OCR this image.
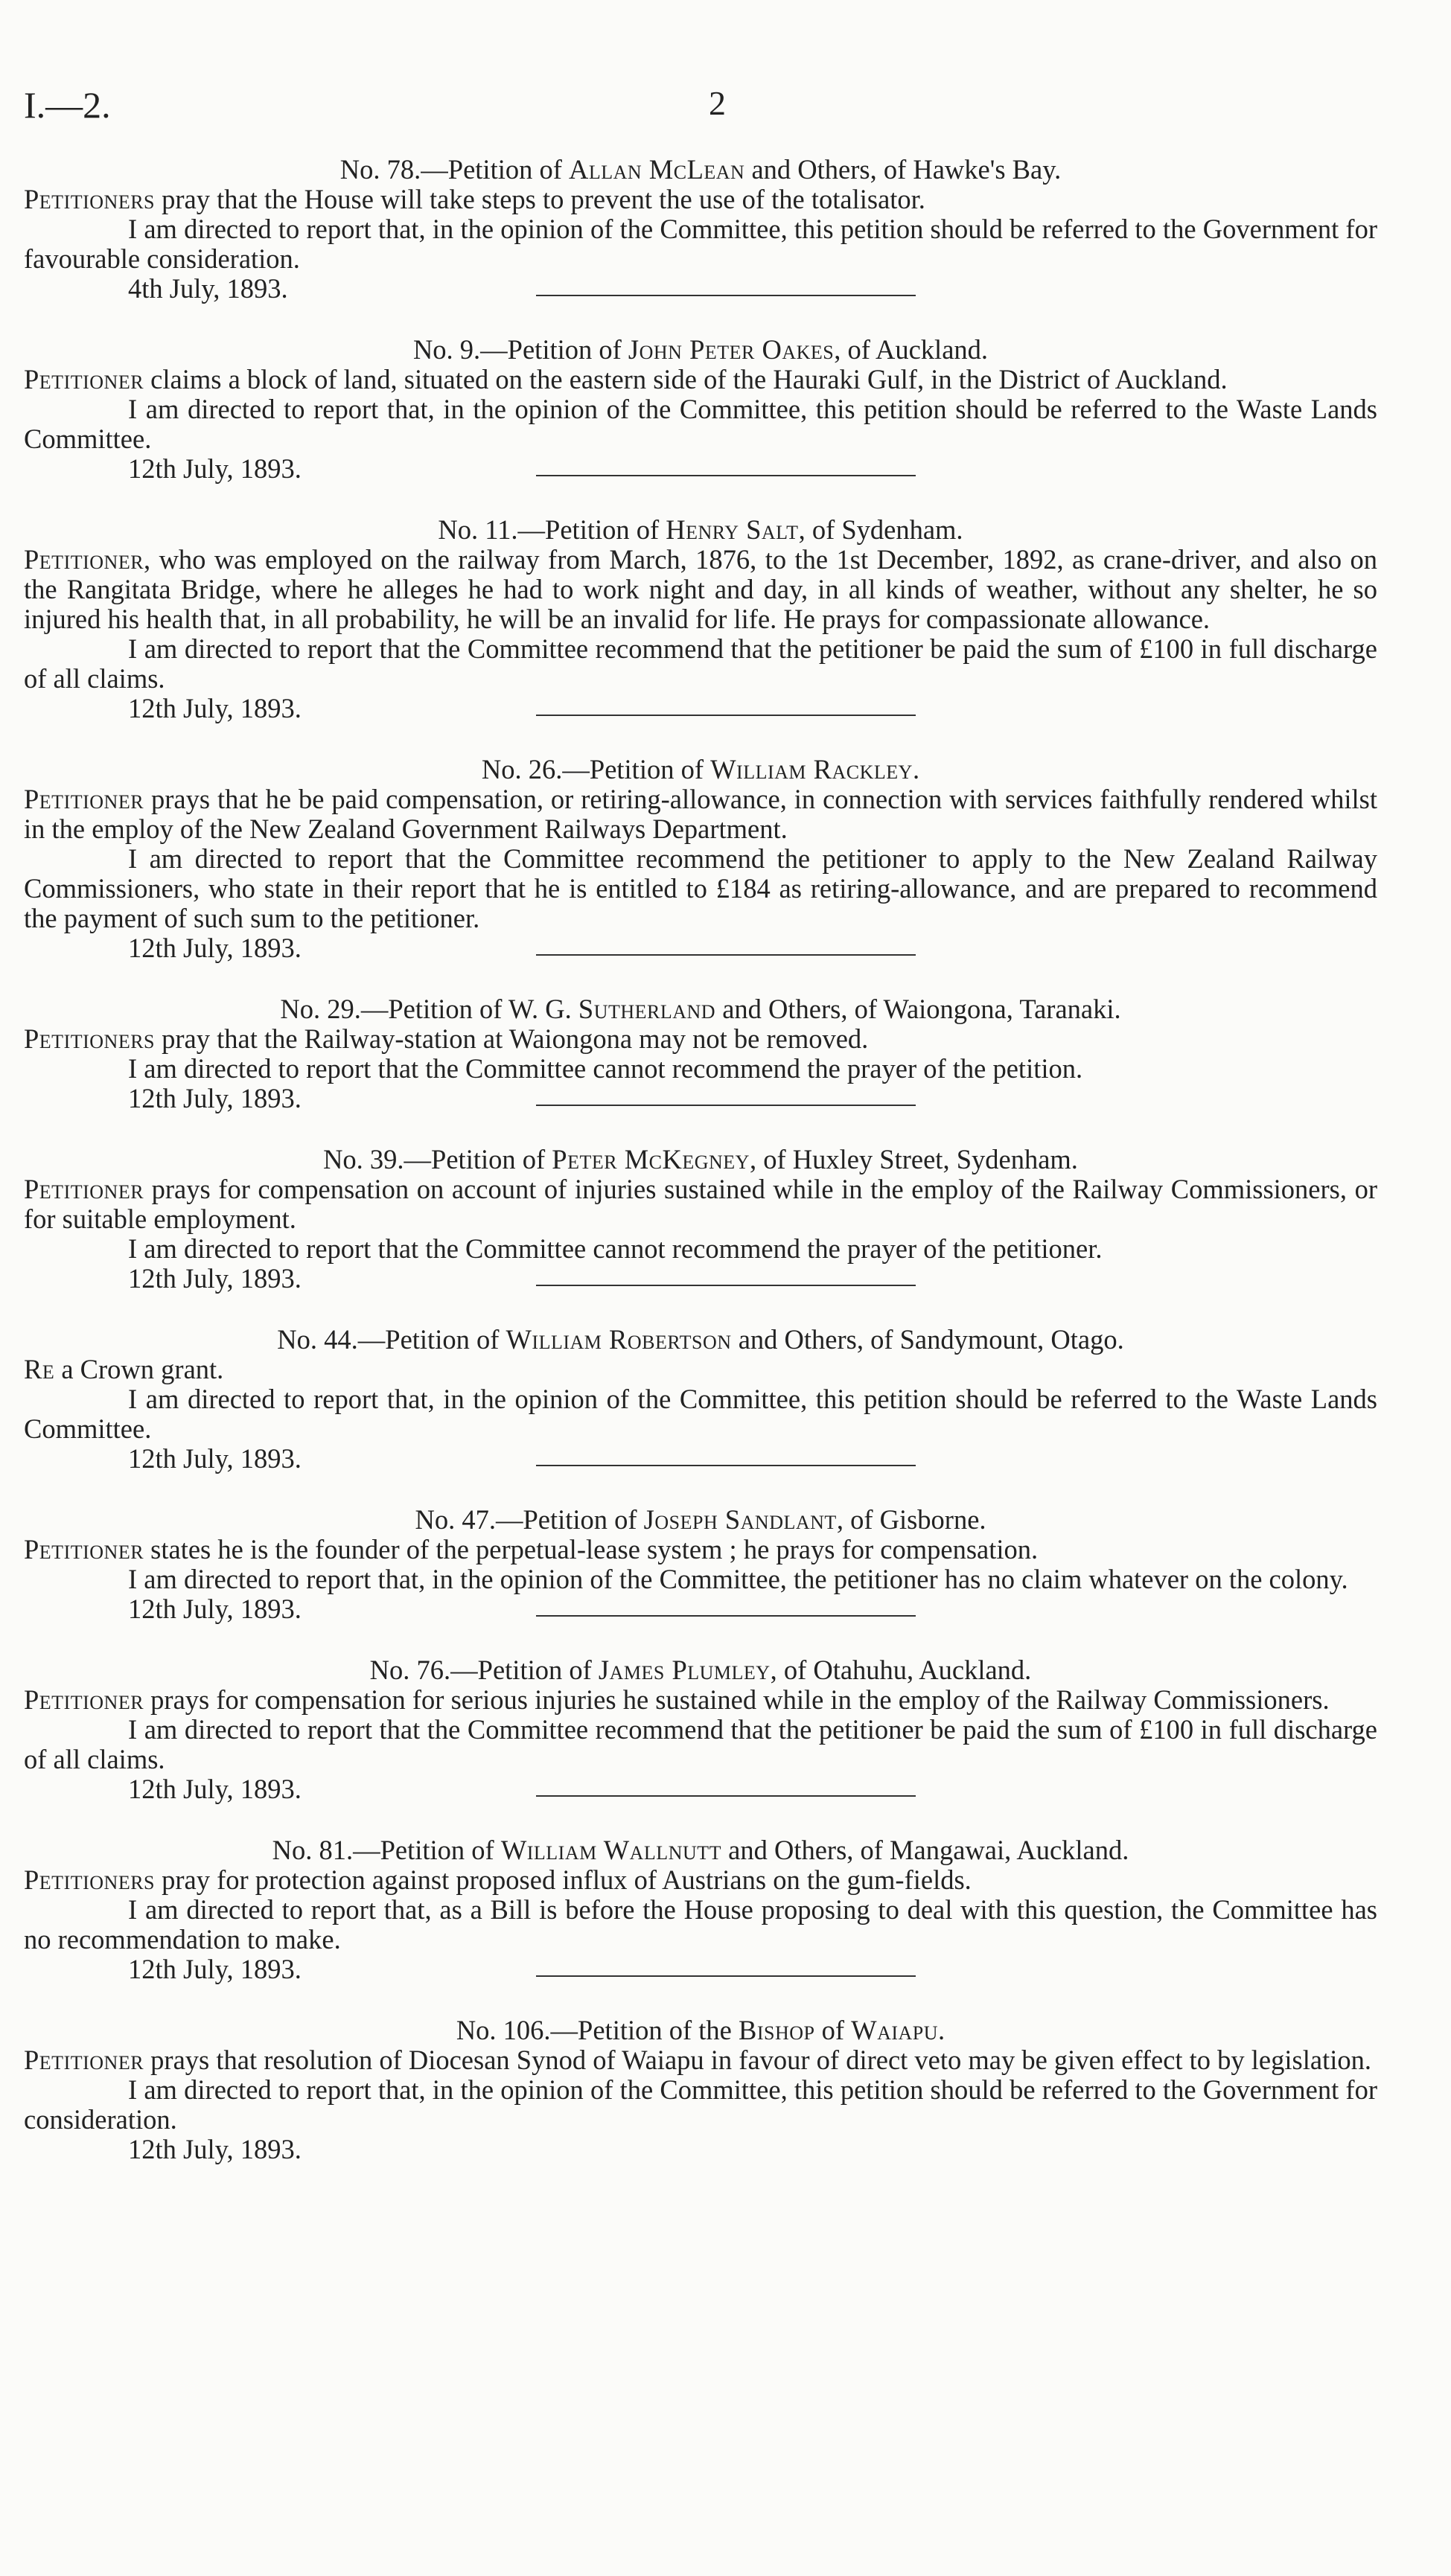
I.—2.	2

No. 78.—Petition of Allan McLean and Others, of Hawke's Bay.

Petitioners pray that the House will take steps to prevent the use of the totalisator.

I am directed to report that, in the opinion of the Committee, this petition should be referred to the Government for favourable consideration.

4th July, 1893.

No. 9.—Petition of John Peter Oakes, of Auckland.

Petitioner claims a block of land, situated on the eastern side of the Hauraki Gulf, in the District of Auckland.

I am directed to report that, in the opinion of the Committee, this petition should be referred to the Waste Lands Committee.

12th July, 1893.

No. 11.—Petition of Henry Salt, of Sydenham.

Petitioner, who was employed on the railway from March, 1876, to the 1st December, 1892, as crane-driver, and also on the Rangitata Bridge, where he alleges he had to work night and day, in all kinds of weather, without any shelter, he so injured his health that, in all probability, he will be an invalid for life. He prays for compassionate allowance.

I am directed to report that the Committee recommend that the petitioner be paid the sum of £100 in full discharge of all claims.

12th July, 1893.

No. 26.—Petition of William Rackley.

Petitioner prays that he be paid compensation, or retiring-allowance, in connection with services faithfully rendered whilst in the employ of the New Zealand Government Railways Department.

I am directed to report that the Committee recommend the petitioner to apply to the New Zealand Railway Commissioners, who state in their report that he is entitled to £184 as retiring-allowance, and are prepared to recommend the payment of such sum to the petitioner.

12th July, 1893.

No. 29.—Petition of W. G. Sutherland and Others, of Waiongona, Taranaki.

Petitioners pray that the Railway-station at Waiongona may not be removed.

I am directed to report that the Committee cannot recommend the prayer of the petition.

12th July, 1893.

No. 39.—Petition of Peter McKegney, of Huxley Street, Sydenham.

Petitioner prays for compensation on account of injuries sustained while in the employ of the Railway Commissioners, or for suitable employment.

I am directed to report that the Committee cannot recommend the prayer of the petitioner.

12th July, 1893.

No. 44.—Petition of William Robertson and Others, of Sandymount, Otago.

Re a Crown grant.

I am directed to report that, in the opinion of the Committee, this petition should be referred to the Waste Lands Committee.

12th July, 1893.

No. 47.—Petition of Joseph Sandlant, of Gisborne.

Petitioner states he is the founder of the perpetual-lease system ; he prays for compensation.

I am directed to report that, in the opinion of the Committee, the petitioner has no claim whatever on the colony.

12th July, 1893.

No. 76.—Petition of James Plumley, of Otahuhu, Auckland.

Petitioner prays for compensation for serious injuries he sustained while in the employ of the Railway Commissioners.

I am directed to report that the Committee recommend that the petitioner be paid the sum of £100 in full discharge of all claims.

12th July, 1893.

No. 81.—Petition of William Wallnutt and Others, of Mangawai, Auckland.

Petitioners pray for protection against proposed influx of Austrians on the gum-fields.

I am directed to report that, as a Bill is before the House proposing to deal with this question, the Committee has no recommendation to make.

12th July, 1893.

No. 106.—Petition of the Bishop of Waiapu.

Petitioner prays that resolution of Diocesan Synod of Waiapu in favour of direct veto may be given effect to by legislation.

I am directed to report that, in the opinion of the Committee, this petition should be referred to the Government for consideration.

12th July, 1893.
